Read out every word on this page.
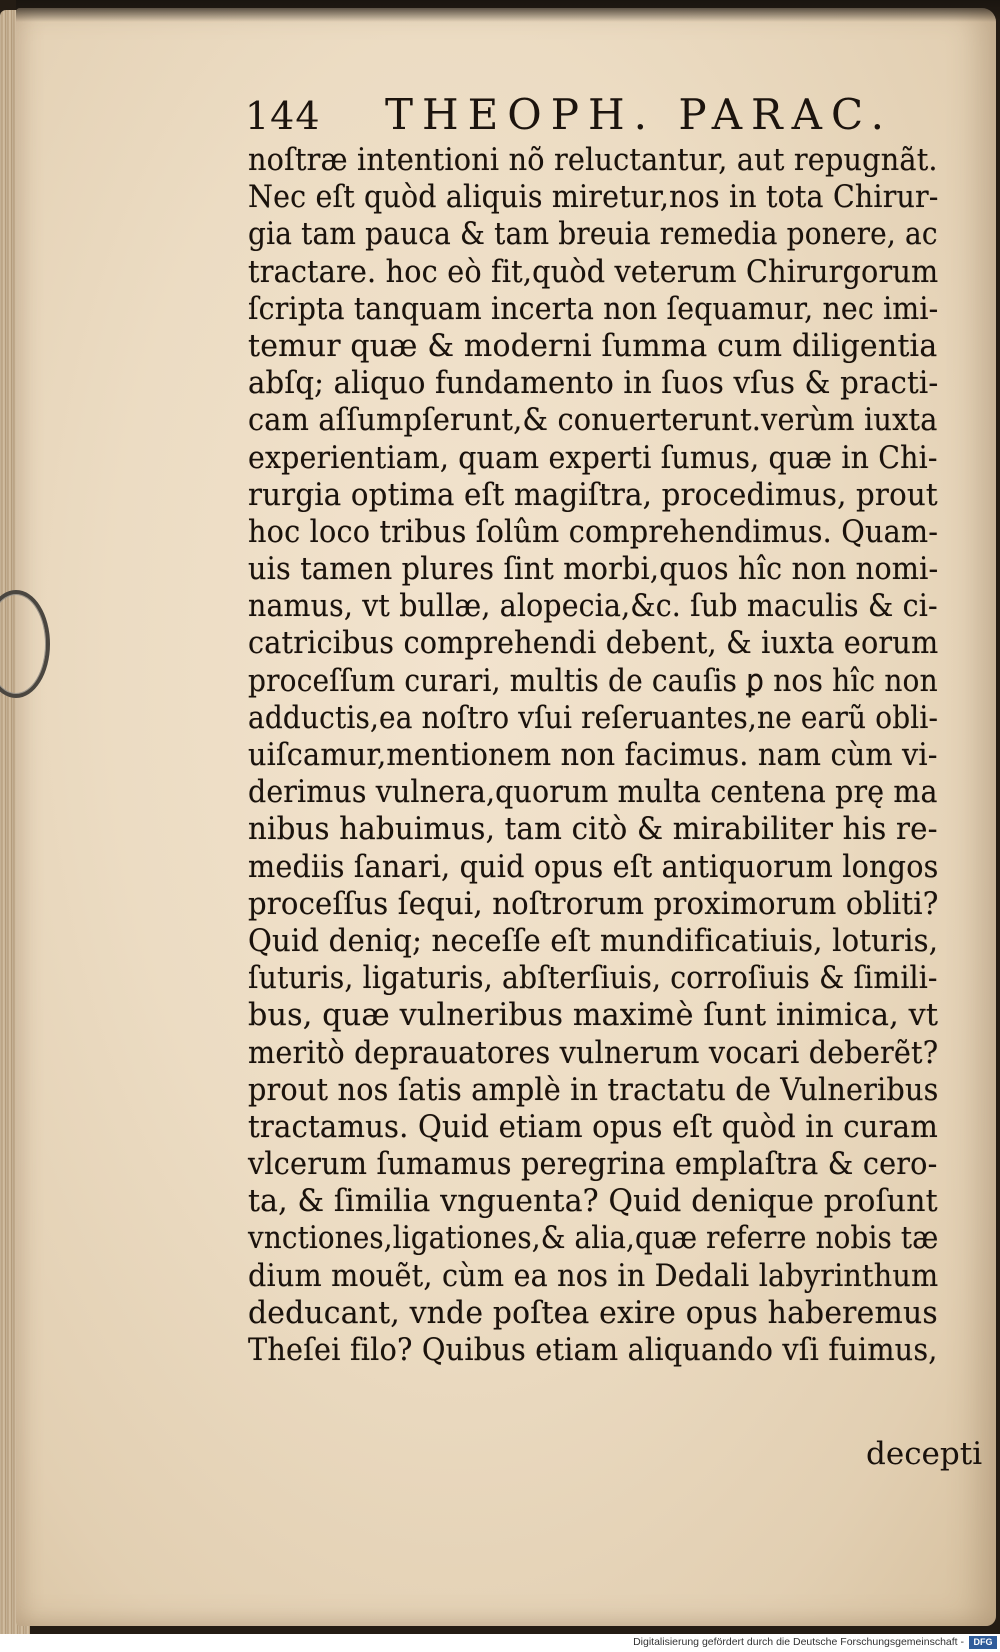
144 THEOPH. PARAC.
noſtræ intentioni nõ reluctantur, aut repugnãt.
Nec eſt quòd aliquis miretur,nos in tota Chirur-
gia tam pauca & tam breuia remedia ponere, ac
tractare. hoc eò fit,quòd veterum Chirurgorum
ſcripta tanquam incerta non ſequamur, nec imi-
temur quæ & moderni ſumma cum diligentia
abſq; aliquo fundamento in ſuos vſus & practi-
cam aſſumpſerunt,& conuerterunt.verùm iuxta
experientiam, quam experti ſumus, quæ in Chi-
rurgia optima eſt magiſtra, procedimus, prout
hoc loco tribus ſolûm comprehendimus. Quam-
uis tamen plures ſint morbi,quos hîc non nomi-
namus, vt bullæ, alopecia,&c. ſub maculis & ci-
catricibus comprehendi debent, & iuxta eorum
proceſſum curari, multis de cauſis ꝑ nos hîc non
adductis,ea noſtro vſui reſeruantes,ne earũ obli-
uiſcamur,mentionem non facimus. nam cùm vi-
derimus vulnera,quorum multa centena prę ma
nibus habuimus, tam citò & mirabiliter his re-
mediis ſanari, quid opus eſt antiquorum longos
proceſſus ſequi, noſtrorum proximorum obliti?
Quid deniq; neceſſe eſt mundificatiuis, loturis,
ſuturis, ligaturis, abſterſiuis, corroſiuis & ſimili-
bus, quæ vulneribus maximè ſunt inimica, vt
meritò deprauatores vulnerum vocari deberẽt?
prout nos ſatis amplè in tractatu de Vulneribus
tractamus. Quid etiam opus eſt quòd in curam
vlcerum ſumamus peregrina emplaſtra & cero-
ta, & ſimilia vnguenta? Quid denique proſunt
vnctiones,ligationes,& alia,quæ referre nobis tæ
dium mouẽt, cùm ea nos in Dedali labyrinthum
deducant, vnde poſtea exire opus haberemus
Theſei filo? Quibus etiam aliquando vſi fuimus,
decepti
Digitalisierung gefördert durch die Deutsche Forschungsgemeinschaft -	DFG
